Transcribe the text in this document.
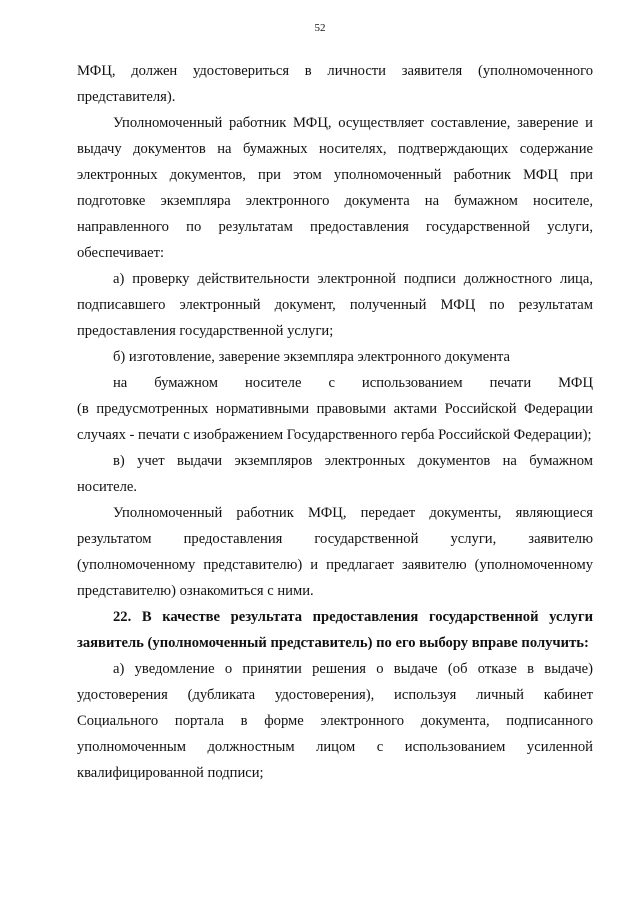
52

МФЦ, должен удостовериться в личности заявителя (уполномоченного представителя).

Уполномоченный работник МФЦ, осуществляет составление, заверение и выдачу документов на бумажных носителях, подтверждающих содержание электронных документов, при этом уполномоченный работник МФЦ при подготовке экземпляра электронного документа на бумажном носителе, направленного по результатам предоставления государственной услуги, обеспечивает:

а) проверку действительности электронной подписи должностного лица, подписавшего электронный документ, полученный МФЦ по результатам предоставления государственной услуги;

б) изготовление, заверение экземпляра электронного документа

на бумажном носителе с использованием печати МФЦ

(в предусмотренных нормативными правовыми актами Российской Федерации случаях - печати с изображением Государственного герба Российской Федерации);

в) учет выдачи экземпляров электронных документов на бумажном носителе.

Уполномоченный работник МФЦ, передает документы, являющиеся результатом предоставления государственной услуги, заявителю (уполномоченному представителю) и предлагает заявителю (уполномоченному представителю) ознакомиться с ними.

22. В качестве результата предоставления государственной услуги заявитель (уполномоченный представитель) по его выбору вправе получить:

а) уведомление о принятии решения о выдаче (об отказе в выдаче) удостоверения (дубликата удостоверения), используя личный кабинет Социального портала в форме электронного документа, подписанного уполномоченным должностным лицом с использованием усиленной квалифицированной подписи;
